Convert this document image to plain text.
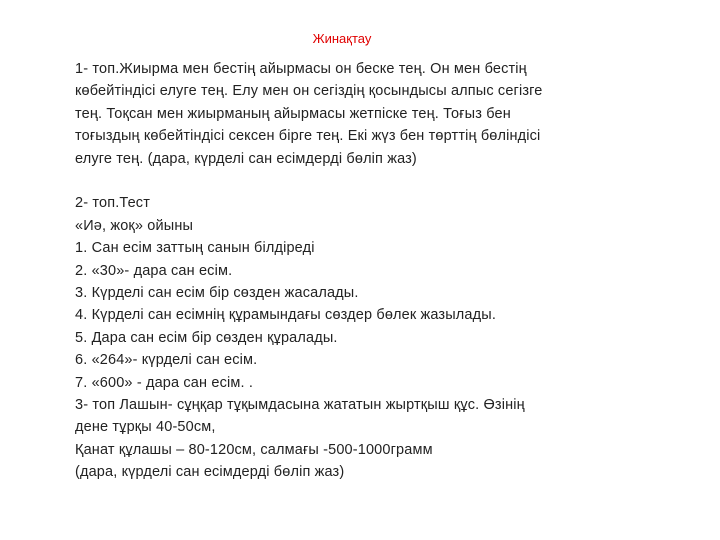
Жинақтау
1- топ.Жиырма мен бестің айырмасы он беске тең. Он мен бестің
көбейтіндісі елуге тең. Елу мен он сегіздің қосындысы алпыс сегізге
тең. Тоқсан мен жиырманың айырмасы жетпіске тең. Тоғыз бен
тоғыздың көбейтіндісі сексен бірге тең. Екі жүз бен төрттің бөліндісі
елуге тең. (дара, күрделі сан есімдерді бөліп жаз)
2- топ.Тест
«Иә, жоқ» ойыны
1. Сан есім заттың санын білдіреді
2. «30»- дара сан есім.
3. Күрделі сан есім бір сөзден жасалады.
4. Күрделі сан есімнің құрамындағы сөздер бөлек жазылады.
5. Дара сан есім бір сөзден құралады.
6. «264»- күрделі сан есім.
7. «600» - дара сан есім. .
3- топ Лашын- сұңқар тұқымдасына жататын жыртқыш құс. Өзінің
дене тұрқы 40-50см,
Қанат құлашы – 80-120см, салмағы -500-1000грамм
(дара, күрделі сан есімдерді бөліп жаз)
